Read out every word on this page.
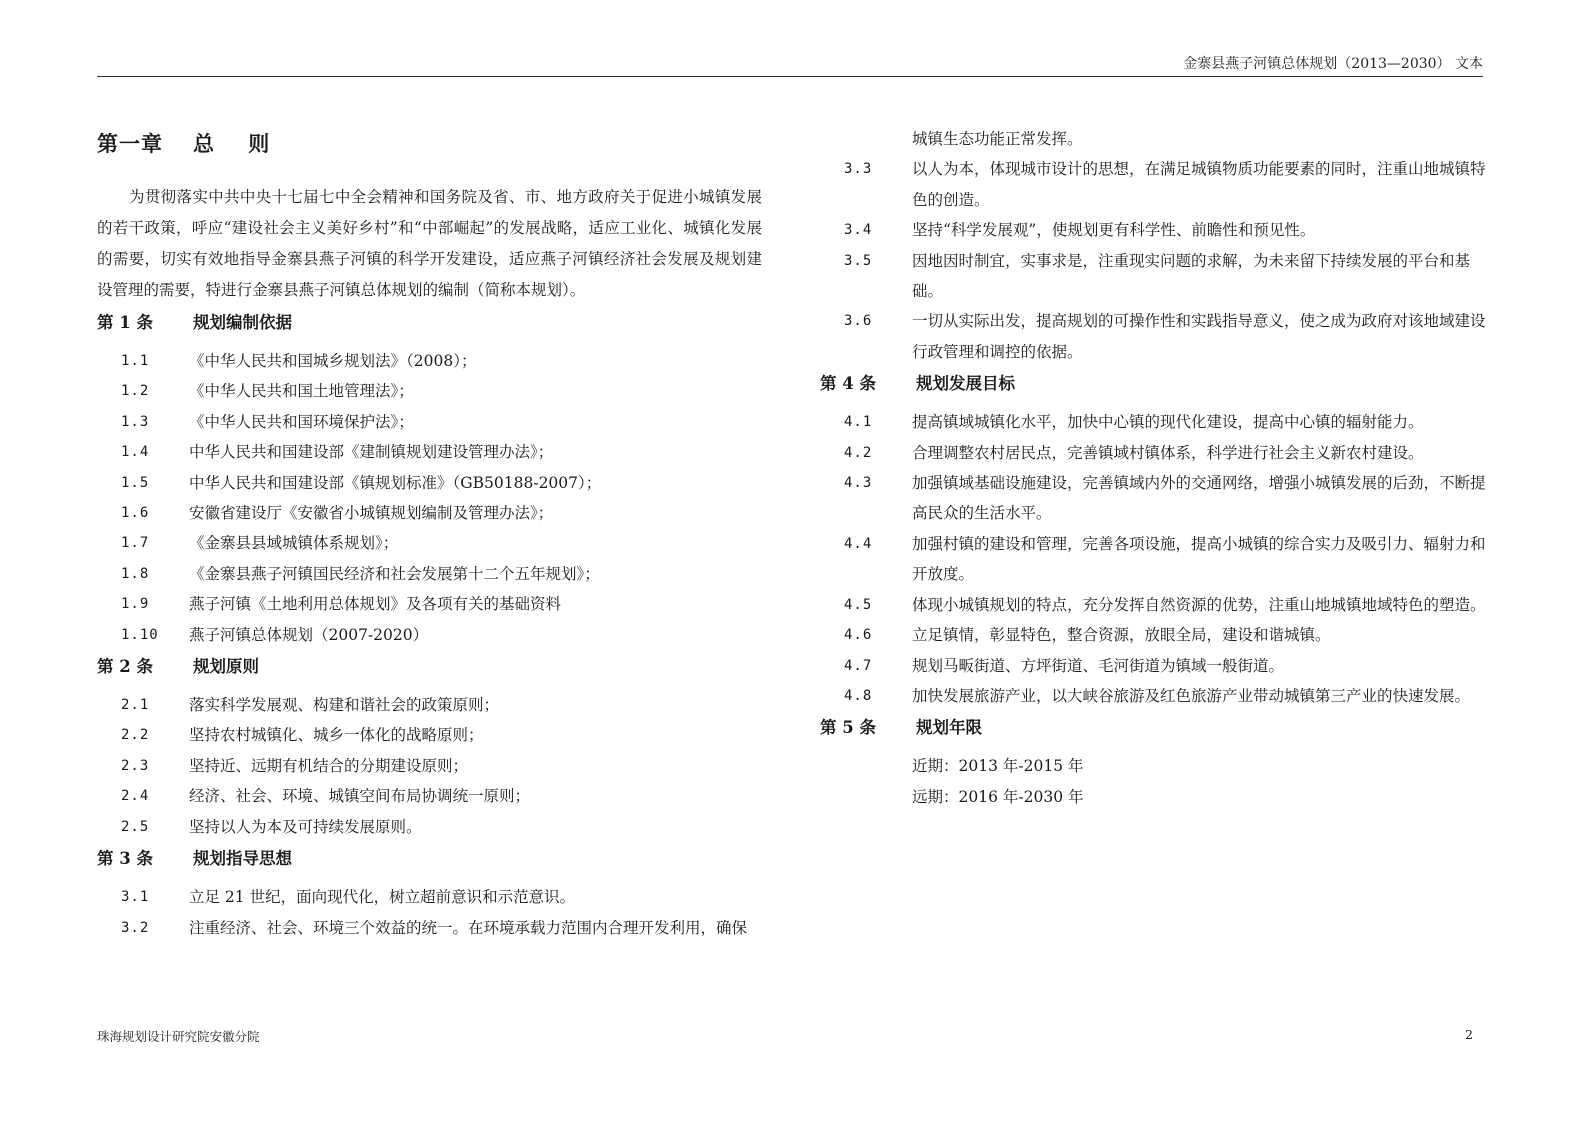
金寨县燕子河镇总体规划（2013—2030） 文本
第一章 总    则

为贯彻落实中共中央十七届七中全会精神和国务院及省、市、地方政府关于促进小城镇发展的若干政策，呼应“建设社会主义美好乡村”和“中部崛起”的发展战略，适应工业化、城镇化发展的需要，切实有效地指导金寨县燕子河镇的科学开发建设，适应燕子河镇经济社会发展及规划建设管理的需要，特进行金寨县燕子河镇总体规划的编制（简称本规划）。

第 1 条 规划编制依据
1.1	《中华人民共和国城乡规划法》（2008）；
1.2	《中华人民共和国土地管理法》；
1.3	《中华人民共和国环境保护法》；
1.4	中华人民共和国建设部《建制镇规划建设管理办法》；
1.5	中华人民共和国建设部《镇规划标准》（GB50188-2007）；
1.6	安徽省建设厅《安徽省小城镇规划编制及管理办法》；
1.7	《金寨县县域城镇体系规划》；
1.8	《金寨县燕子河镇国民经济和社会发展第十二个五年规划》；
1.9	燕子河镇《土地利用总体规划》及各项有关的基础资料
1.10 燕子河镇总体规划（2007-2020）
第 2 条 规划原则
2.1	落实科学发展观、构建和谐社会的政策原则；
2.2	坚持农村城镇化、城乡一体化的战略原则；
2.3	坚持近、远期有机结合的分期建设原则；
2.4	经济、社会、环境、城镇空间布局协调统一原则；
2.5	坚持以人为本及可持续发展原则。
第 3 条 规划指导思想
3.1	立足 21 世纪，面向现代化，树立超前意识和示范意识。
3.2	注重经济、社会、环境三个效益的统一。在环境承载力范围内合理开发利用，确保
城镇生态功能正常发挥。
3.3	以人为本，体现城市设计的思想，在满足城镇物质功能要素的同时，注重山地城镇特色的创造。
3.4	坚持“科学发展观”，使规划更有科学性、前瞻性和预见性。
3.5	因地因时制宜，实事求是，注重现实问题的求解，为未来留下持续发展的平台和基础。
3.6	一切从实际出发，提高规划的可操作性和实践指导意义，使之成为政府对该地域建设行政管理和调控的依据。
第 4 条 规划发展目标
4.1	提高镇域城镇化水平，加快中心镇的现代化建设，提高中心镇的辐射能力。
4.2	合理调整农村居民点，完善镇域村镇体系，科学进行社会主义新农村建设。
4.3	加强镇域基础设施建设，完善镇域内外的交通网络，增强小城镇发展的后劲，不断提高民众的生活水平。
4.4	加强村镇的建设和管理，完善各项设施，提高小城镇的综合实力及吸引力、辐射力和开放度。
4.5	体现小城镇规划的特点，充分发挥自然资源的优势，注重山地城镇地域特色的塑造。
4.6	立足镇情，彰显特色，整合资源，放眼全局，建设和谐城镇。
4.7	规划马畈街道、方坪街道、毛河街道为镇域一般街道。
4.8	加快发展旅游产业，以大峡谷旅游及红色旅游产业带动城镇第三产业的快速发展。
第 5 条 规划年限
近期：2013 年-2015 年
远期：2016 年-2030 年
珠海规划设计研究院安徽分院	2
